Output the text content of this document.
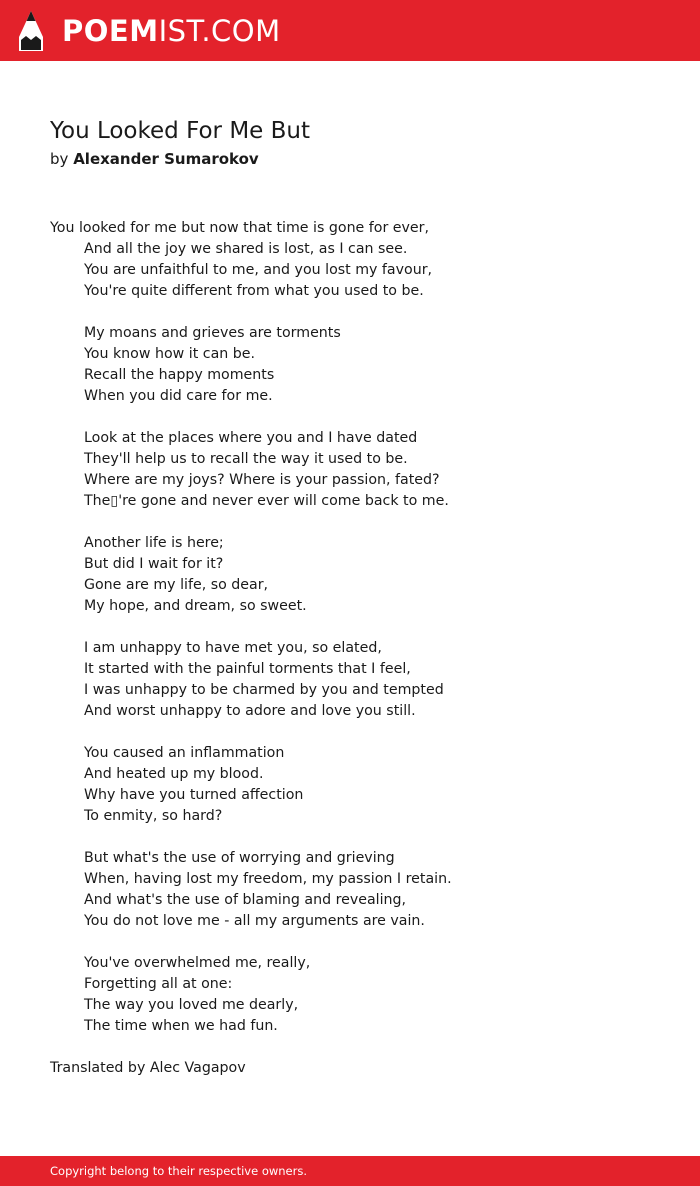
POEMIST.COM
You Looked For Me But
by Alexander Sumarokov
You looked for me but now that time is gone for ever,
And all the joy we shared is lost, as I can see.
You are unfaithful to me, and you lost my favour,
You're quite different from what you used to be.
My moans and grieves are torments
You know how it can be.
Recall the happy moments
When you did care for me.
Look at the places where you and I have dated
They'll help us to recall the way it used to be.
Where are my joys? Where is your passion, fated?
The▯'re gone and never ever will come back to me.
Another life is here;
But did I wait for it?
Gone are my life, so dear,
My hope, and dream, so sweet.
I am unhappy to have met you, so elated,
It started with the painful torments that I feel,
I was unhappy to be charmed by you and tempted
And worst unhappy to adore and love you still.
You caused an inflammation
And heated up my blood.
Why have you turned affection
To enmity, so hard?
But what's the use of worrying and grieving
When, having lost my freedom, my passion I retain.
And what's the use of blaming and revealing,
You do not love me - all my arguments are vain.
You've overwhelmed me, really,
Forgetting all at one:
The way you loved me dearly,
The time when we had fun.
Translated by Alec Vagapov
Copyright belong to their respective owners.
